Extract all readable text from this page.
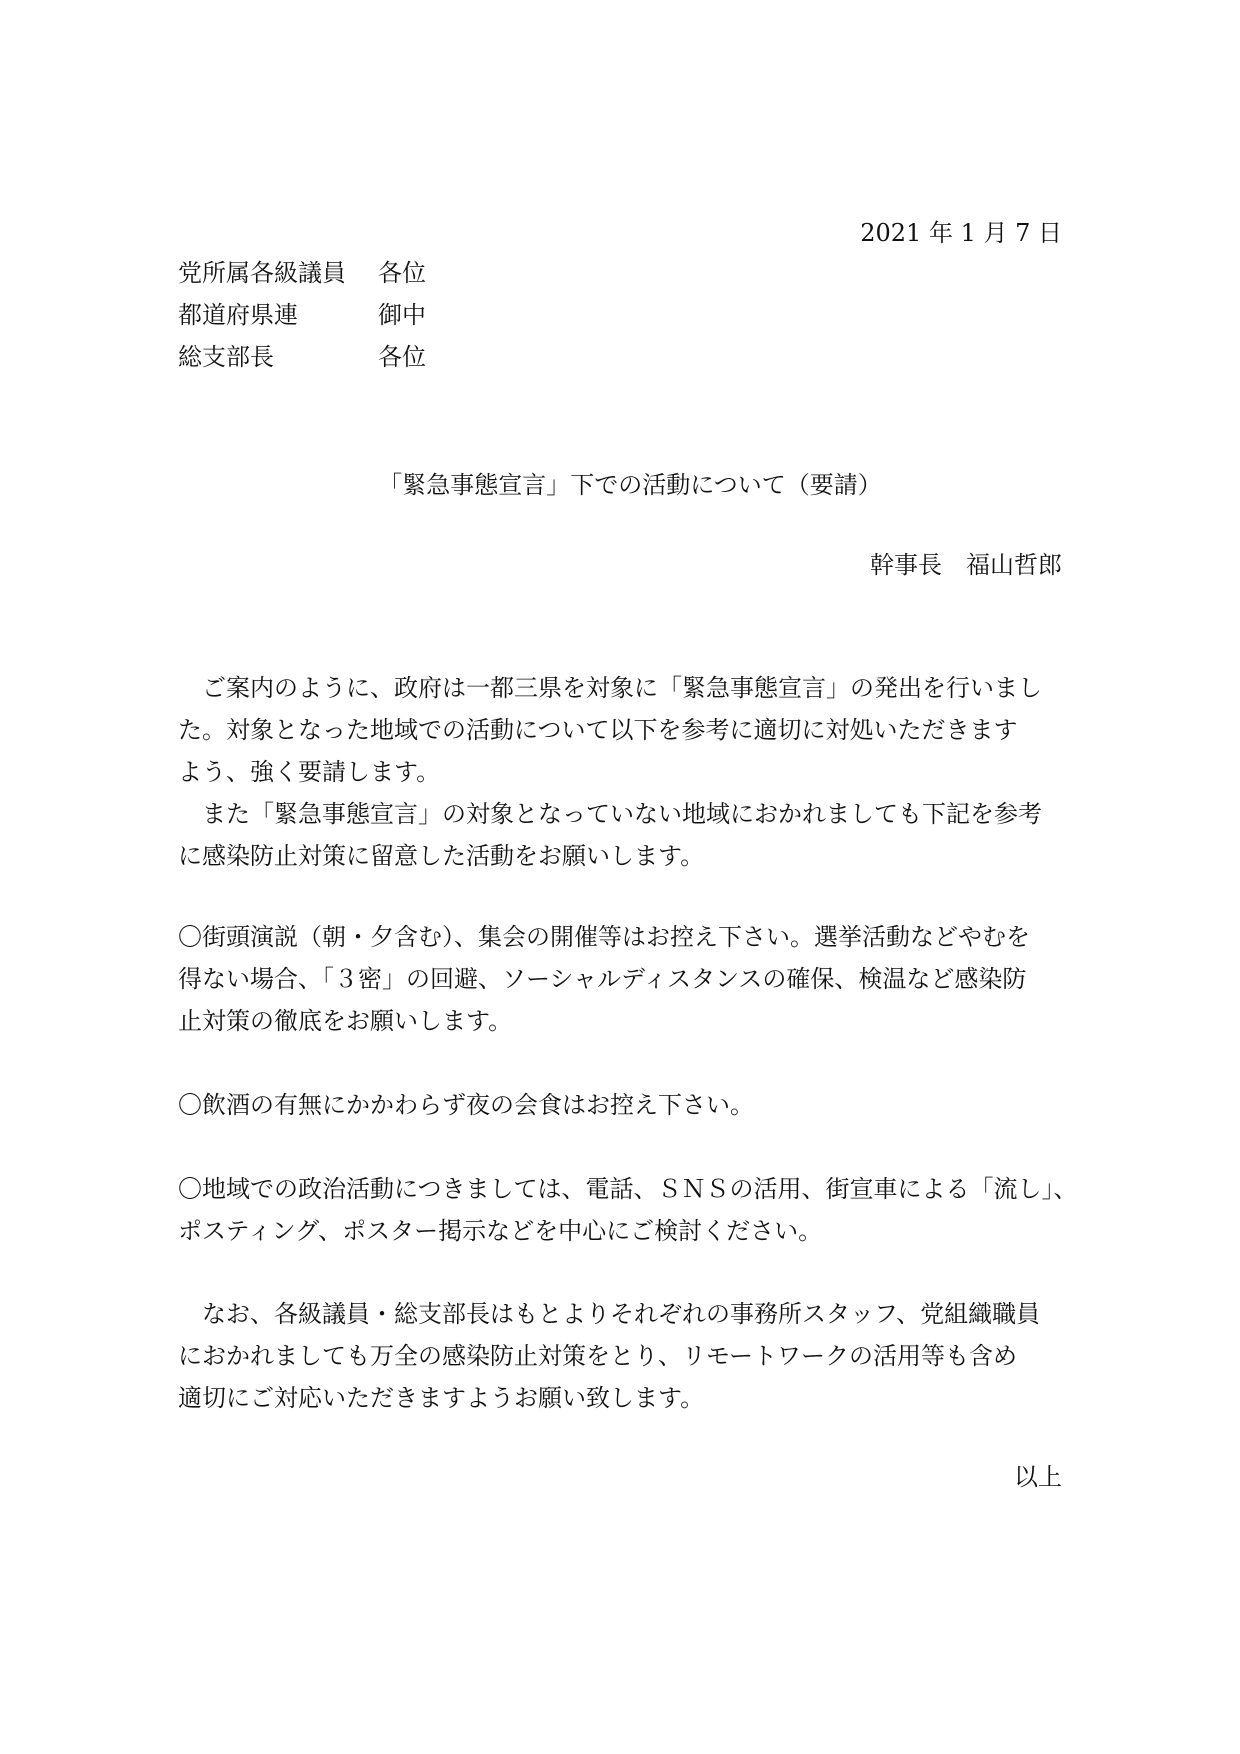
2021 年 1 月 7 日
党所属各級議員	各位
都道府県連	御中
総支部長	各位
「緊急事態宣言」下での活動について（要請）
幹事長　福山哲郎

　ご案内のように、政府は一都三県を対象に「緊急事態宣言」の発出を行いまし

た。対象となった地域での活動について以下を参考に適切に対処いただきます

よう、強く要請します。

　また「緊急事態宣言」の対象となっていない地域におかれましても下記を参考

に感染防止対策に留意した活動をお願いします。

〇街頭演説（朝・夕含む）、集会の開催等はお控え下さい。選挙活動などやむを

得ない場合、「３密」の回避、ソーシャルディスタンスの確保、検温など感染防

止対策の徹底をお願いします。

〇飲酒の有無にかかわらず夜の会食はお控え下さい。

〇地域での政治活動につきましては、電話、ＳＮＳの活用、街宣車による「流し」、

ポスティング、ポスター掲示などを中心にご検討ください。

　なお、各級議員・総支部長はもとよりそれぞれの事務所スタッフ、党組織職員

におかれましても万全の感染防止対策をとり、リモートワークの活用等も含め

適切にご対応いただきますようお願い致します。

以上
